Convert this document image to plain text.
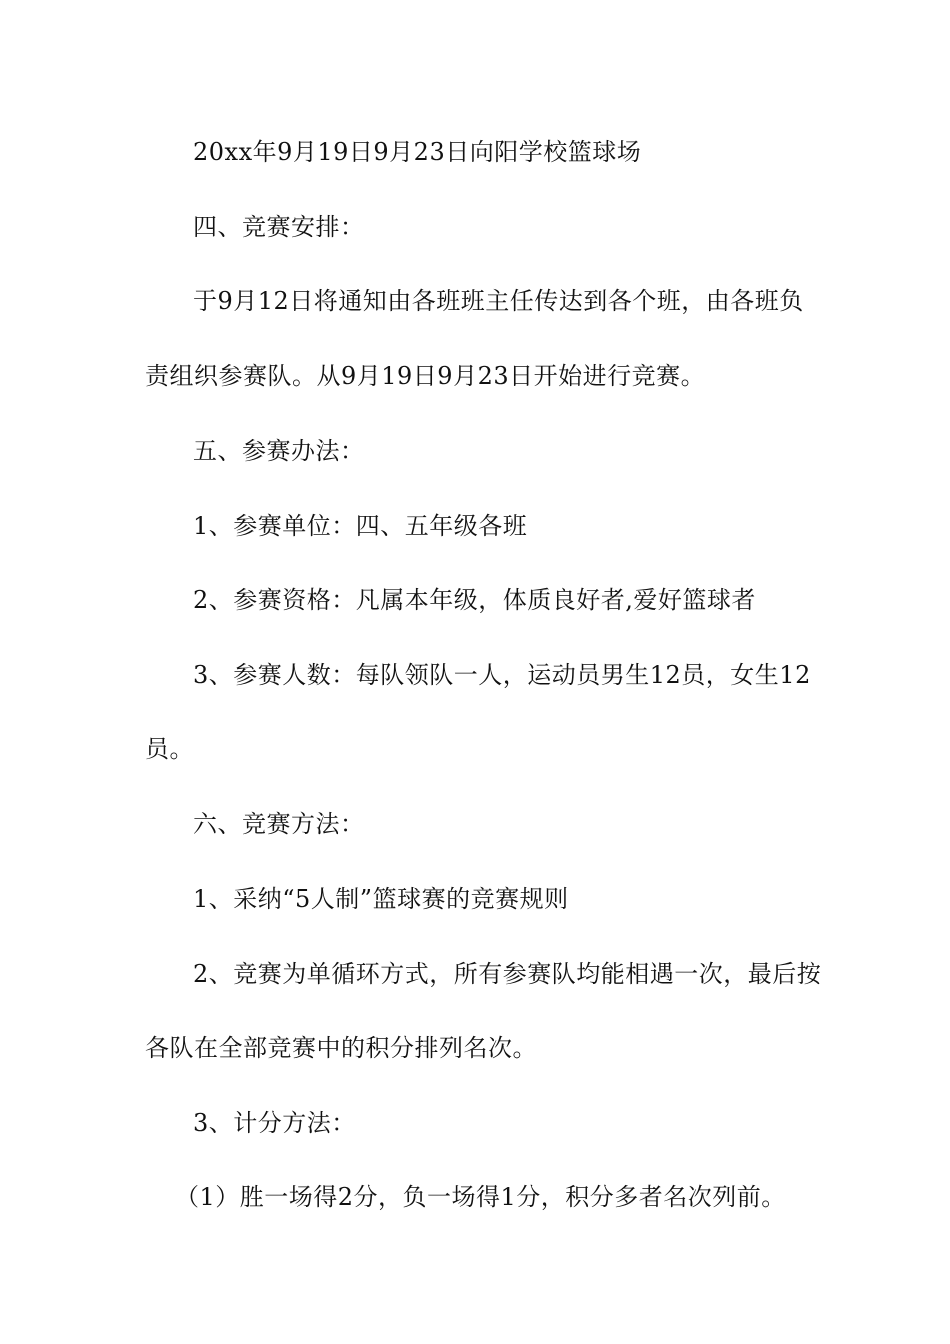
20xx年9月19日9月23日向阳学校篮球场
四、竞赛安排：
于9月12日将通知由各班班主任传达到各个班，由各班负
责组织参赛队。从9月19日9月23日开始进行竞赛。
五、参赛办法：
1、参赛单位：四、五年级各班
2、参赛资格：凡属本年级，体质良好者,爱好篮球者
3、参赛人数：每队领队一人，运动员男生12员，女生12
员。
六、竞赛方法：
1、采纳“5人制”篮球赛的竞赛规则
2、竞赛为单循环方式，所有参赛队均能相遇一次，最后按
各队在全部竞赛中的积分排列名次。
3、计分方法：
（1）胜一场得2分，负一场得1分，积分多者名次列前。
